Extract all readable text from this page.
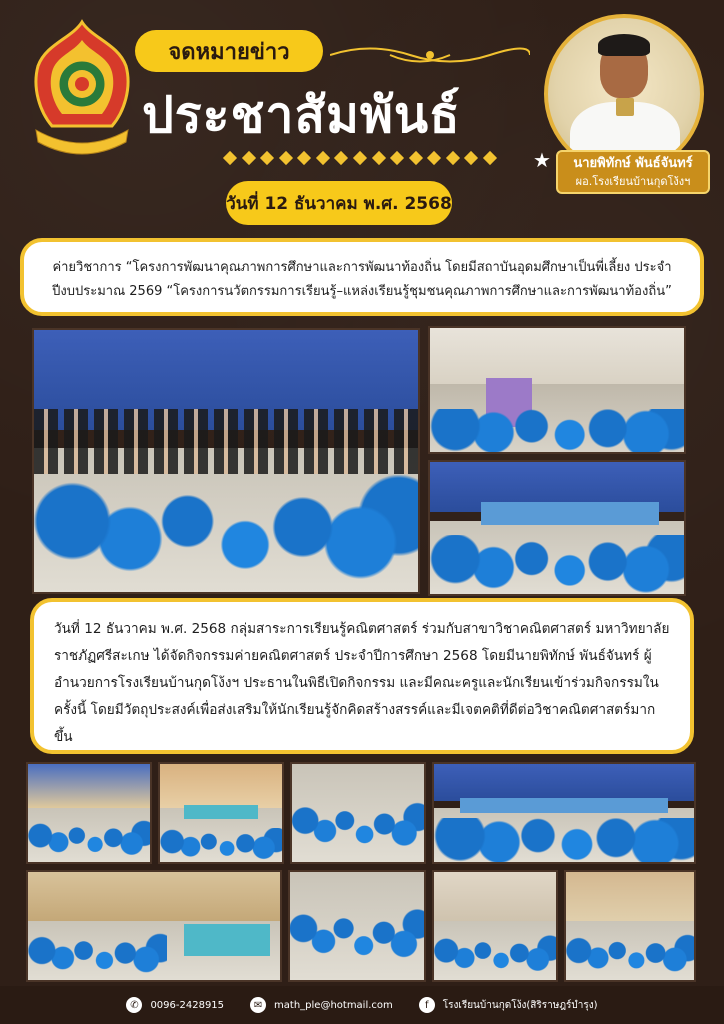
จดหมายข่าว
ประชาสัมพันธ์
วันที่ 12 ธันวาคม พ.ศ. 2568
★	นายพิทักษ์ พันธ์จันทร์
ผอ.โรงเรียนบ้านกุดโง้งฯ
ค่ายวิชาการ “โครงการพัฒนาคุณภาพการศึกษาและการพัฒนาท้องถิ่น โดยมีสถาบันอุดมศึกษาเป็นพี่เลี้ยง ประจำ
ปีงบประมาณ 2569 “โครงการนวัตกรรมการเรียนรู้–แหล่งเรียนรู้ชุมชนคุณภาพการศึกษาและการพัฒนาท้องถิ่น”
วันที่ 12 ธันวาคม พ.ศ. 2568 กลุ่มสาระการเรียนรู้คณิตศาสตร์ ร่วมกับสาขาวิชาคณิตศาสตร์ มหาวิทยาลัยราชภัฏศรีสะเกษ ได้จัดกิจกรรมค่ายคณิตศาสตร์ ประจำปีการศึกษา 2568 โดยมีนายพิทักษ์ พันธ์จันทร์ ผู้อำนวยการโรงเรียนบ้านกุดโง้งฯ ประธานในพิธีเปิดกิจกรรม และมีคณะครูและนักเรียนเข้าร่วมกิจกรรมในครั้งนี้ โดยมีวัตถุประสงค์เพื่อส่งเสริมให้นักเรียนรู้จักคิดสร้างสรรค์และมีเจตคติที่ดีต่อวิชาคณิตศาสตร์มากขึ้น
✆	0096-2428915	✉	math_ple@hotmail.com	f	โรงเรียนบ้านกุดโง้ง(สิริราษฎร์บำรุง)
